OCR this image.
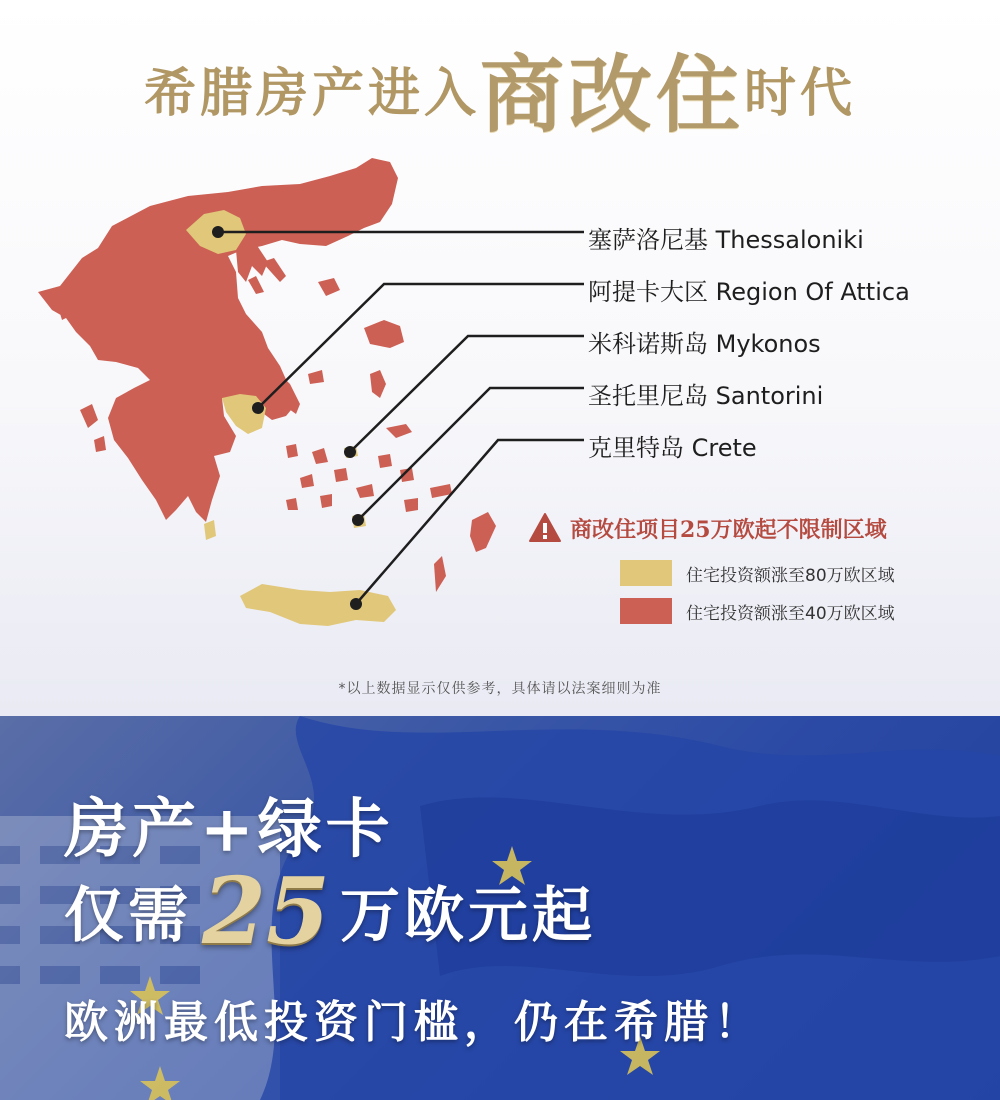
希腊房产进入商改住时代
塞萨洛尼基 Thessaloniki
阿提卡大区 Region Of Attica
米科诺斯岛 Mykonos
圣托里尼岛 Santorini
克里特岛 Crete
商改住项目25万欧起不限制区域
住宅投资额涨至80万欧区域
住宅投资额涨至40万欧区域
*以上数据显示仅供参考，具体请以法案细则为准
房产+绿卡
仅需 25 万欧元起
欧洲最低投资门槛，仍在希腊！
